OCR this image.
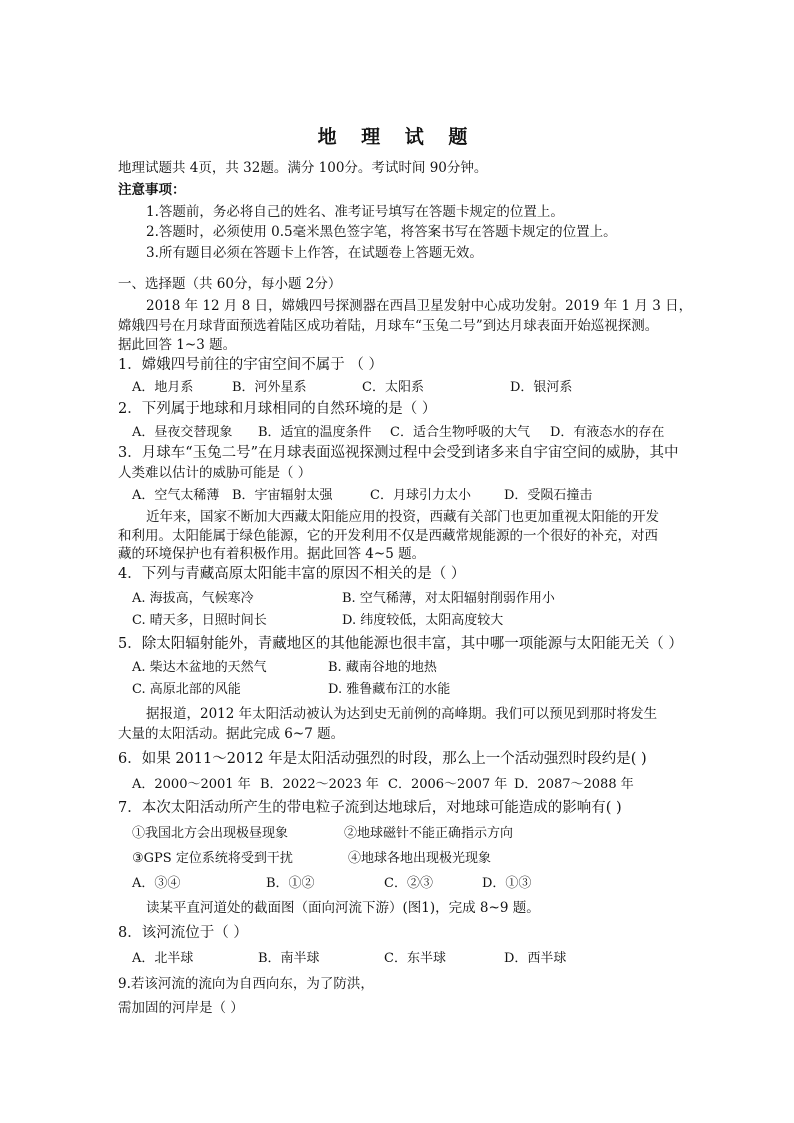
地 理 试 题
地理试题共 4页，共 32题。满分 100分。考试时间 90分钟。
注意事项：
1.答题前，务必将自己的姓名、准考证号填写在答题卡规定的位置上。
2.答题时，必须使用 0.5毫米黑色签字笔，将答案书写在答题卡规定的位置上。
3.所有题目必须在答题卡上作答，在试题卷上答题无效。
一、选择题（共 60分，每小题 2分）
2018 年 12 月 8 日，嫦娥四号探测器在西昌卫星发射中心成功发射。2019 年 1 月 3 日，
嫦娥四号在月球背面预选着陆区成功着陆，月球车“玉兔二号”到达月球表面开始巡视探测。
据此回答 1~3 题。
1．嫦娥四号前往的宇宙空间不属于 （ ）
A．地月系	B．河外星系	C．太阳系	D．银河系
2．下列属于地球和月球相同的自然环境的是（ ）
A．昼夜交替现象 B．适宜的温度条件 C．适合生物呼吸的大气 D．有液态水的存在
3．月球车“玉兔二号”在月球表面巡视探测过程中会受到诸多来自宇宙空间的威胁，其中
人类难以估计的威胁可能是（ ）
A．空气太稀薄 B．宇宙辐射太强	C．月球引力太小	D．受陨石撞击
近年来，国家不断加大西藏太阳能应用的投资，西藏有关部门也更加重视太阳能的开发
和利用。太阳能属于绿色能源，它的开发利用不仅是西藏常规能源的一个很好的补充，对西
藏的环境保护也有着积极作用。据此回答 4~5 题。
4．下列与青藏高原太阳能丰富的原因不相关的是（ ）
A. 海拔高，气候寒冷	B. 空气稀薄，对太阳辐射削弱作用小
C. 晴天多，日照时间长	D. 纬度较低，太阳高度较大
5．除太阳辐射能外，青藏地区的其他能源也很丰富，其中哪一项能源与太阳能无关（ ）
A. 柴达木盆地的天然气	B. 藏南谷地的地热
C. 高原北部的风能	D. 雅鲁藏布江的水能
据报道，2012 年太阳活动被认为达到史无前例的高峰期。我们可以预见到那时将发生
大量的太阳活动。据此完成 6~7 题。
6．如果 2011～2012 年是太阳活动强烈的时段，那么上一个活动强烈时段约是( )
A．2000～2001 年 B．2022～2023 年 C．2006～2007 年 D．2087～2088 年
7．本次太阳活动所产生的带电粒子流到达地球后，对地球可能造成的影响有( )
①我国北方会出现极昼现象	②地球磁针不能正确指示方向
③GPS 定位系统将受到干扰	④地球各地出现极光现象
A．③④	B．①②	C．②③	D．①③
读某平直河道处的截面图（面向河流下游）(图1)，完成 8~9 题。
8．该河流位于（ ）
A．北半球	B．南半球	C．东半球	D．西半球
9.若该河流的流向为自西向东，为了防洪，
需加固的河岸是（ ）
